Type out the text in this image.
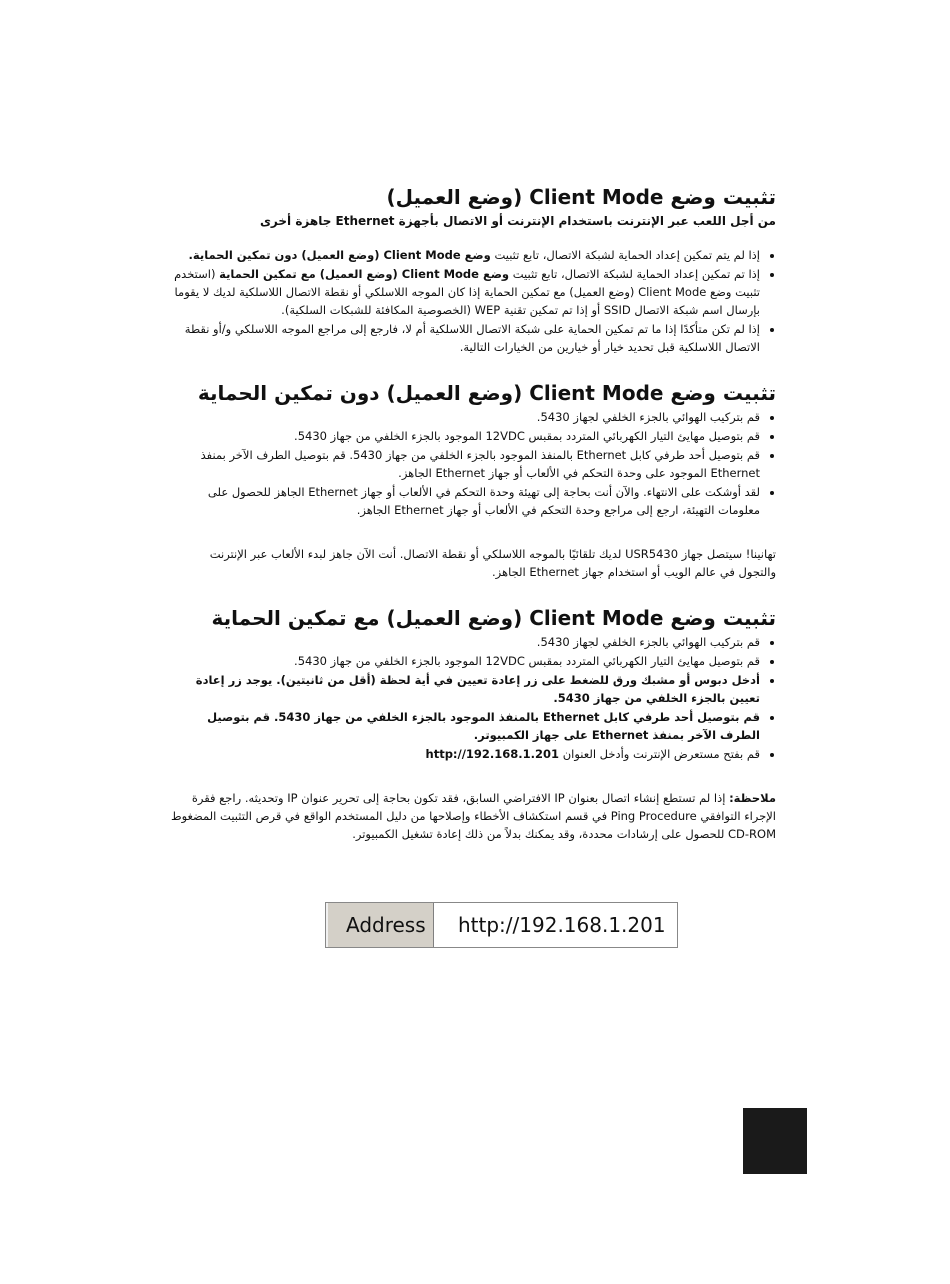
تثبيت وضع Client Mode (وضع العميل)
من أجل اللعب عبر الإنترنت باستخدام الإنترنت أو الاتصال بأجهزة Ethernet جاهزة أخرى
• إذا لم يتم تمكين إعداد الحماية لشبكة الاتصال، تابع تثبيت وضع Client Mode (وضع العميل) دون تمكين الحماية.
• إذا تم تمكين إعداد الحماية لشبكة الاتصال، تابع تثبيت وضع Client Mode (وضع العميل) مع تمكين الحماية (استخدم تثبيت وضع Client Mode (وضع العميل) مع تمكين الحماية إذا كان الموجه اللاسلكي أو نقطة الاتصال اللاسلكية لديك لا يقوما بإرسال اسم شبكة الاتصال SSID أو إذا تم تمكين تقنية WEP (الخصوصية المكافئة للشبكات السلكية).
• إذا لم تكن متأكدًا إذا ما تم تمكين الحماية على شبكة الاتصال اللاسلكية أم لا، فارجع إلى مراجع الموجه اللاسلكي و/أو نقطة الاتصال اللاسلكية قبل تحديد خيار أو خيارين من الخيارات التالية.
تثبيت وضع Client Mode (وضع العميل) دون تمكين الحماية
• قم بتركيب الهوائي بالجزء الخلفي لجهاز 5430.
• قم بتوصيل مهايئ التيار الكهربائي المتردد بمقبس 12VDC الموجود بالجزء الخلفي من جهاز 5430.
• قم بتوصيل أحد طرفي كابل Ethernet بالمنفذ الموجود بالجزء الخلفي من جهاز 5430. قم بتوصيل الطرف الآخر بمنفذ Ethernet الموجود على وحدة التحكم في الألعاب أو جهاز Ethernet الجاهز.
• لقد أوشكت على الانتهاء. والآن أنت بحاجة إلى تهيئة وحدة التحكم في الألعاب أو جهاز Ethernet الجاهز للحصول على معلومات التهيئة، ارجع إلى مراجع وحدة التحكم في الألعاب أو جهاز Ethernet الجاهز.

تهانينا! سيتصل جهاز USR5430 لديك تلقائيًا بالموجه اللاسلكي أو نقطة الاتصال. أنت الآن جاهز لبدء الألعاب عبر الإنترنت والتجول في عالم الويب أو استخدام جهاز Ethernet الجاهز.

تثبيت وضع Client Mode (وضع العميل) مع تمكين الحماية
• قم بتركيب الهوائي بالجزء الخلفي لجهاز 5430.
• قم بتوصيل مهايئ التيار الكهربائي المتردد بمقبس 12VDC الموجود بالجزء الخلفي من جهاز 5430.
• أدخل دبوس أو مشبك ورق للضغط على زر إعادة تعيين في أية لحظة (أقل من ثانيتين). يوجد زر إعادة تعيين بالجزء الخلفي من جهاز 5430.
• قم بتوصيل أحد طرفي كابل Ethernet بالمنفذ الموجود بالجزء الخلفي من جهاز 5430. قم بتوصيل الطرف الآخر بمنفذ Ethernet على جهاز الكمبيوتر.
• قم بفتح مستعرض الإنترنت وأدخل العنوان http://192.168.1.201

ملاحظة: إذا لم تستطع إنشاء اتصال بعنوان IP الافتراضي السابق، فقد تكون بحاجة إلى تحرير عنوان IP وتحديثه. راجع فقرة الإجراء التوافقي Ping Procedure في قسم استكشاف الأخطاء وإصلاحها من دليل المستخدم الواقع في قرص التثبيت المضغوط CD-ROM للحصول على إرشادات محددة، وقد يمكنك بدلاً من ذلك إعادة تشغيل الكمبيوتر.

Address	http://192.168.1.201
